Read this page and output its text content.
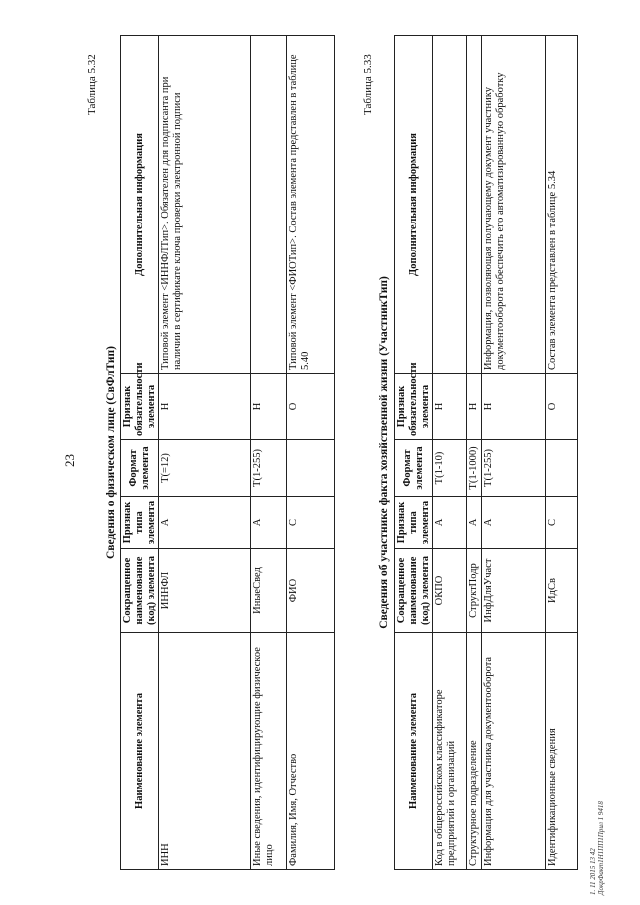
23
Таблица 5.32
Сведения о физическом лице (СвФлТип)
Наименование элемента	Сокращенное наименование (код) элемента	Признак типа элемента	Формат элемента	Признак обязательности элемента	Дополнительная информация
ИНН	ИННФЛ	А	T(=12)	Н	Типовой элемент <ИННФЛТип>. Обязателен для подписанта при наличии в сертификате ключа проверки электронной подписи
Иные сведения, идентифицирующие физическое лицо	ИныеСвед	А	T(1-255)	Н	
Фамилия, Имя, Отчество	ФИО	С		О	Типовой элемент <ФИОТип>. Состав элемента представлен в таблице 5.40
Таблица 5.33
Сведения об участнике факта хозяйственной жизни (УчастникТип)
Наименование элемента	Сокращенное наименование (код) элемента	Признак типа элемента	Формат элемента	Признак обязательности элемента	Дополнительная информация
Код в общероссийском классификаторе предприятий и организаций	ОКПО	А	T(1-10)	Н	
Структурное подразделение	СтруктПодр	А	T(1-1000)	Н	
Информация для участника документооборота	ИнфДляУчаст	А	T(1-255)	Н	Информация, позволяющая получающему документ участнику документооборота обеспечить его автоматизированную обработку
Идентификационные сведения	ИдСв	С		О	Состав элемента представлен в таблице 5.34
1. 11 2015 13 42 ДокрФакт1Н1ПП1Прил 1 9418
